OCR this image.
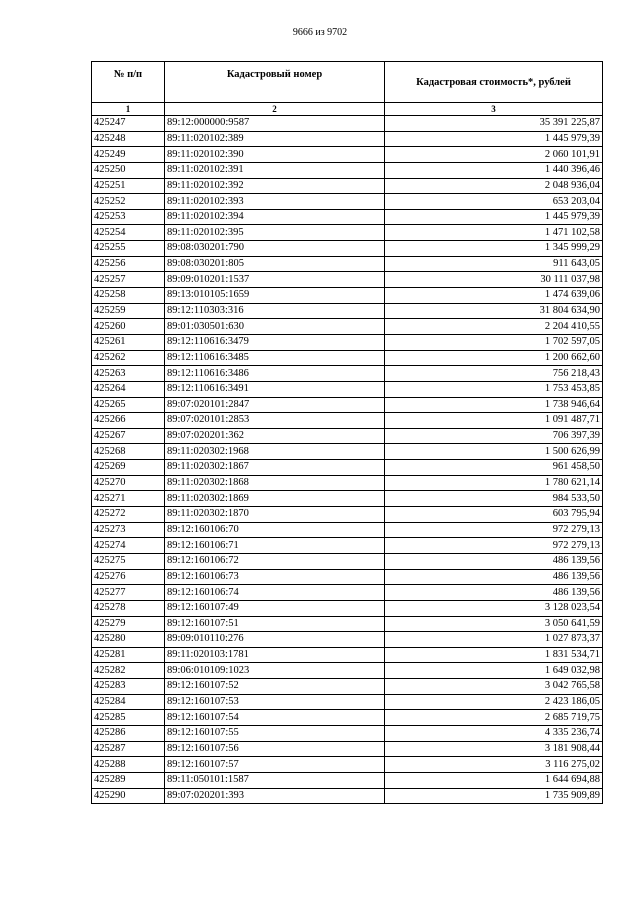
9666 из 9702
№ п/п	Кадастровый номер	Кадастровая стоимость*, рублей
1	2	3
425247	89:12:000000:9587	35 391 225,87
425248	89:11:020102:389	1 445 979,39
425249	89:11:020102:390	2 060 101,91
425250	89:11:020102:391	1 440 396,46
425251	89:11:020102:392	2 048 936,04
425252	89:11:020102:393	653 203,04
425253	89:11:020102:394	1 445 979,39
425254	89:11:020102:395	1 471 102,58
425255	89:08:030201:790	1 345 999,29
425256	89:08:030201:805	911 643,05
425257	89:09:010201:1537	30 111 037,98
425258	89:13:010105:1659	1 474 639,06
425259	89:12:110303:316	31 804 634,90
425260	89:01:030501:630	2 204 410,55
425261	89:12:110616:3479	1 702 597,05
425262	89:12:110616:3485	1 200 662,60
425263	89:12:110616:3486	756 218,43
425264	89:12:110616:3491	1 753 453,85
425265	89:07:020101:2847	1 738 946,64
425266	89:07:020101:2853	1 091 487,71
425267	89:07:020201:362	706 397,39
425268	89:11:020302:1968	1 500 626,99
425269	89:11:020302:1867	961 458,50
425270	89:11:020302:1868	1 780 621,14
425271	89:11:020302:1869	984 533,50
425272	89:11:020302:1870	603 795,94
425273	89:12:160106:70	972 279,13
425274	89:12:160106:71	972 279,13
425275	89:12:160106:72	486 139,56
425276	89:12:160106:73	486 139,56
425277	89:12:160106:74	486 139,56
425278	89:12:160107:49	3 128 023,54
425279	89:12:160107:51	3 050 641,59
425280	89:09:010110:276	1 027 873,37
425281	89:11:020103:1781	1 831 534,71
425282	89:06:010109:1023	1 649 032,98
425283	89:12:160107:52	3 042 765,58
425284	89:12:160107:53	2 423 186,05
425285	89:12:160107:54	2 685 719,75
425286	89:12:160107:55	4 335 236,74
425287	89:12:160107:56	3 181 908,44
425288	89:12:160107:57	3 116 275,02
425289	89:11:050101:1587	1 644 694,88
425290	89:07:020201:393	1 735 909,89
